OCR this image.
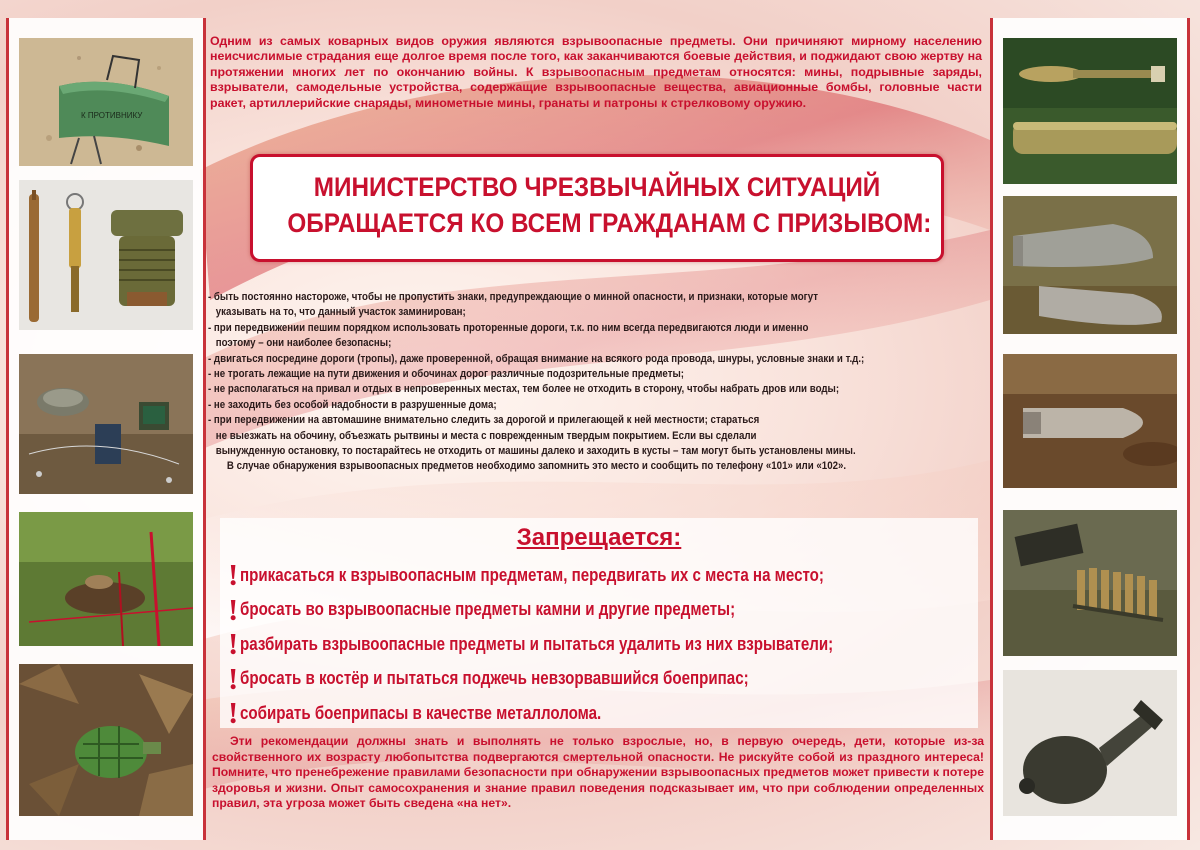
К ПРОТИВНИКУ

Одним из самых коварных видов оружия являются взрывоопасные предметы. Они причиняют мирному населению неисчислимые страдания еще долгое время после того, как заканчиваются боевые действия, и поджидают свою жертву на протяжении многих лет по окончанию войны. К взрывоопасным предметам относятся: мины, подрывные заряды, взрыватели, самодельные устройства, содержащие взрывоопасные вещества, авиационные бомбы, головные части ракет, артиллерийские снаряды, минометные мины, гранаты и патроны к стрелковому оружию.

МИНИСТЕРСТВО ЧРЕЗВЫЧАЙНЫХ СИТУАЦИЙ
ОБРАЩАЕТСЯ КО ВСЕМ ГРАЖДАНАМ С ПРИЗЫВОМ:
- быть постоянно настороже, чтобы не пропустить знаки, предупреждающие о минной опасности, и признаки, которые могут
указывать на то, что данный участок заминирован;
- при передвижении пешим порядком использовать проторенные дороги, т.к. по ним всегда передвигаются люди и именно
поэтому – они наиболее безопасны;
- двигаться посредине дороги (тропы), даже проверенной, обращая внимание на всякого рода провода, шнуры, условные знаки и т.д.;
- не трогать лежащие на пути движения и обочинах дорог различные подозрительные предметы;
- не располагаться на привал и отдых в непроверенных местах, тем более не отходить в сторону, чтобы набрать дров или воды;
- не заходить без особой надобности в разрушенные дома;
- при передвижении на автомашине внимательно следить за дорогой и прилегающей к ней местности; стараться
не выезжать на обочину, объезжать рытвины и места с поврежденным твердым покрытием. Если вы сделали
вынужденную остановку, то постарайтесь не отходить от машины далеко и заходить в кусты – там могут быть установлены мины.
В случае обнаружения взрывоопасных предметов необходимо запомнить это место и сообщить по телефону «101» или «102».
Запрещается:
! прикасаться к взрывоопасным предметам, передвигать их с места на место;
! бросать во взрывоопасные предметы камни и другие предметы;
! разбирать взрывоопасные предметы и пытаться удалить из них взрыватели;
! бросать в костёр и пытаться поджечь невзорвавшийся боеприпас;
! собирать боеприпасы в качестве металлолома.

Эти рекомендации должны знать и выполнять не только взрослые, но, в первую очередь, дети, которые из-за свойственного их возрасту любопытства подвергаются смертельной опасности. Не рискуйте собой из праздного интереса! Помните, что пренебрежение правилами безопасности при обнаружении взрывоопасных предметов может привести к потере здоровья и жизни. Опыт самосохранения и знание правил поведения подсказывает им, что при соблюдении определенных правил, эта угроза может быть сведена «на нет».
